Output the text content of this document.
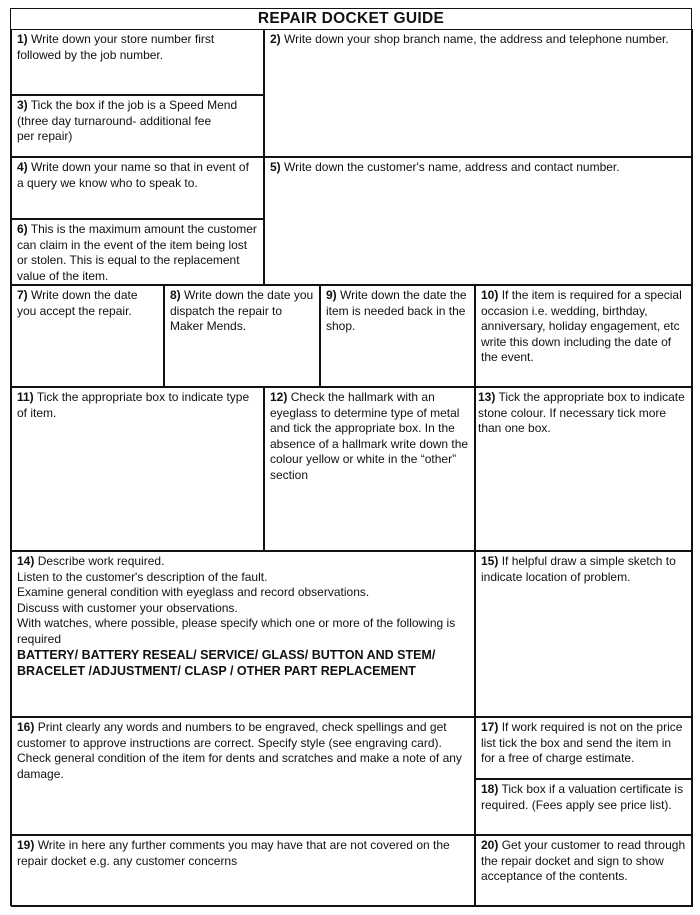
REPAIR DOCKET GUIDE
1) Write down your store number first followed by the job number.
2) Write down your shop branch name, the address and telephone number.
3) Tick the box if the job is a Speed Mend (three day turnaround- additional fee  per repair)
4) Write down your name so that in event of a query we know who to speak to.
5) Write down the customer's name, address and contact number.
6) This is the maximum amount the customer can claim in the event of the item being lost or stolen. This is equal to the replacement value of the item.
7) Write down the date you accept the repair.
8) Write down the date you dispatch the repair to Maker Mends.
9) Write down the date the item is needed back in the shop.
10) If the item is required for a special occasion i.e. wedding, birthday, anniversary, holiday engagement, etc write this down including the date of the event.
11) Tick the appropriate box to indicate type of item.
12) Check the hallmark with an eyeglass to determine type of metal and tick the appropriate box. In the absence of a hallmark write down the colour yellow or white in the “other” section
13) Tick the appropriate box to indicate stone colour. If necessary tick more than one box.
14) Describe work required.
Listen to the customer's description of the fault.
Examine general condition with eyeglass and record observations.
Discuss with customer your observations.
With watches, where possible, please specify which one or more of the following is required
BATTERY/ BATTERY RESEAL/ SERVICE/ GLASS/ BUTTON AND STEM/ BRACELET /ADJUSTMENT/ CLASP / OTHER PART REPLACEMENT
15) If helpful draw a simple sketch to indicate location of problem.
16) Print clearly any words and numbers to be engraved, check spellings and get customer to approve instructions are correct. Specify style (see engraving card). Check general condition of the item for dents and scratches and make a note of any damage.
17) If work required is not on the price list tick the box and send the item in for a free of charge estimate.
18) Tick box if a valuation certificate is required. (Fees apply see price list).
19) Write in here any further comments you may have that are not covered on the repair docket e.g. any customer concerns
20) Get your customer to read through the repair docket and sign to show acceptance of the contents.
